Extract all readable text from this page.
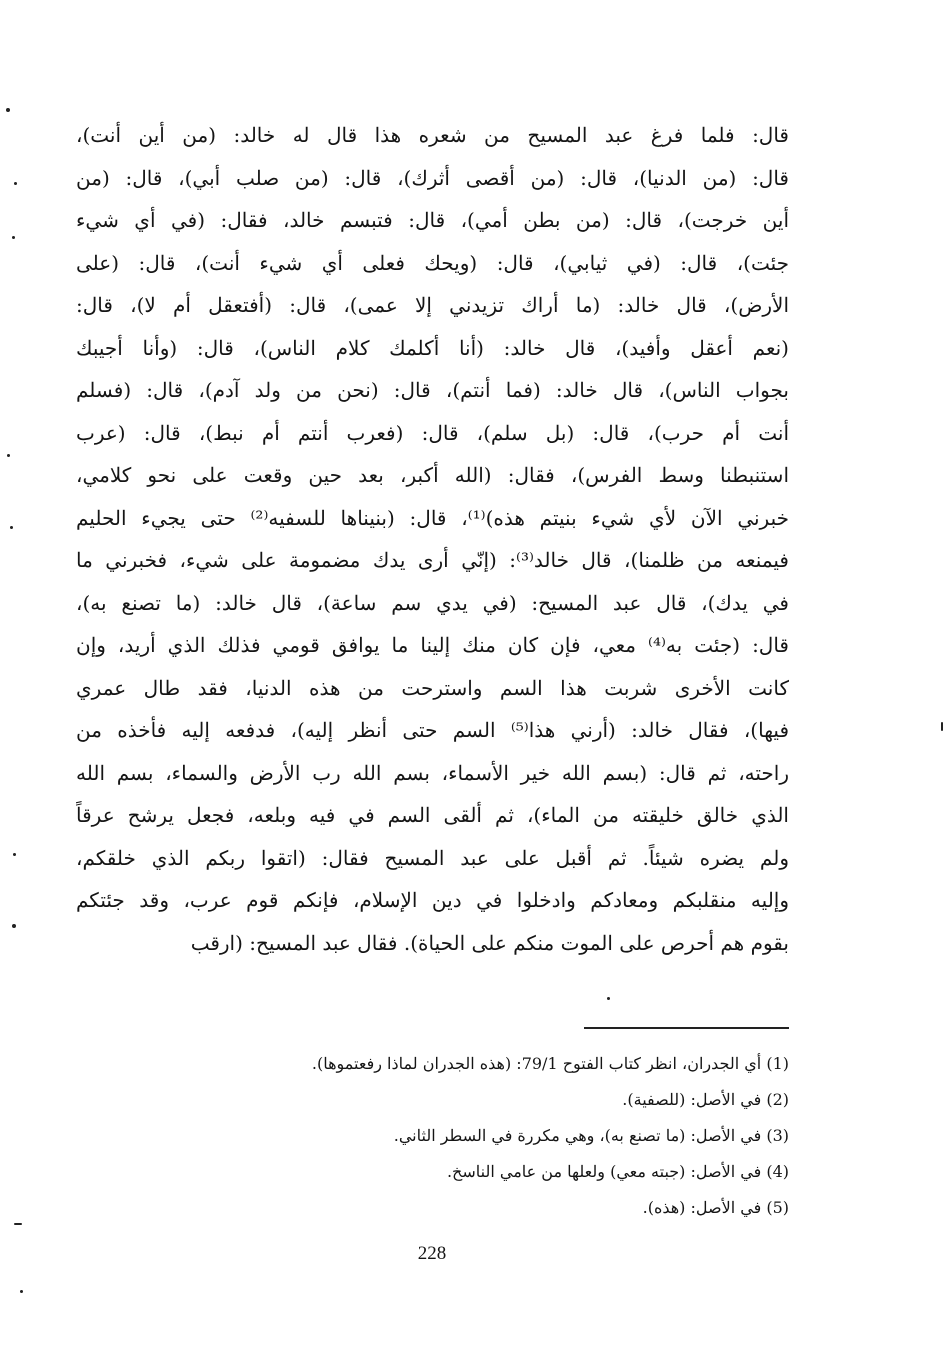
قال: فلما فرغ عبد المسيح من شعره هذا قال له خالد: (من أين أنت)،
قال: (من الدنيا)، قال: (من أقصى أثرك)، قال: (من صلب أبي)، قال: (من
أين خرجت)، قال: (من بطن أمي)، قال: فتبسم خالد، فقال: (في أي شيء
جئت)، قال: (في ثيابي)، قال: (ويحك فعلى أي شيء أنت)، قال: (على
الأرض)، قال خالد: (ما أراك تزيدني إلا عمى)، قال: (أفتعقل أم لا)، قال:
(نعم أعقل وأفيد)، قال خالد: (أنا أكلمك كلام الناس)، قال: (وأنا أجيبك
بجواب الناس)، قال خالد: (فما أنتم)، قال: (نحن من ولد آدم)، قال: (فسلم
أنت أم حرب)، قال: (بل سلم)، قال: (فعرب أنتم أم نبط)، قال: (عرب
استنبطنا وسط الفرس)، فقال: (الله أكبر، بعد حين وقعت على نحو كلامي،
خبرني الآن لأي شيء بنيتم هذه)⁽¹⁾، قال: (بنيناها للسفيه⁽²⁾ حتى يجيء الحليم
فيمنعه من ظلمنا)، قال خالد⁽³⁾: (إنّي أرى يدك مضمومة على شيء، فخبرني ما
في يدك)، قال عبد المسيح: (في يدي سم ساعة)، قال خالد: (ما تصنع به)،
قال: (جئت به⁽⁴⁾ معي، فإن كان منك إلينا ما يوافق قومي فذلك الذي أريد، وإن
كانت الأخرى شربت هذا السم واسترحت من هذه الدنيا، فقد طال عمري
فيها)، فقال خالد: (أرني هذا⁽⁵⁾ السم حتى أنظر إليه)، فدفعه إليه فأخذه من
راحته، ثم قال: (بسم الله خير الأسماء، بسم الله رب الأرض والسماء، بسم الله
الذي خالق خليقته من الماء)، ثم ألقى السم في فيه وبلعه، فجعل يرشح عرقاً
ولم يضره شيئاً. ثم أقبل على عبد المسيح فقال: (اتقوا ربكم الذي خلقكم،
وإليه منقلبكم ومعادكم وادخلوا في دين الإسلام، فإنكم قوم عرب، وقد جئتكم
بقوم هم أحرص على الموت منكم على الحياة). فقال عبد المسيح: (ارقب
(1) أي الجدران، انظر كتاب الفتوح 79/1: (هذه الجدران لماذا رفعتموها).
(2) في الأصل: (للصفية).
(3) في الأصل: (ما تصنع به)، وهي مكررة في السطر الثاني.
(4) في الأصل: (جبته معي) ولعلها من عامي الناسخ.
(5) في الأصل: (هذه).
228
